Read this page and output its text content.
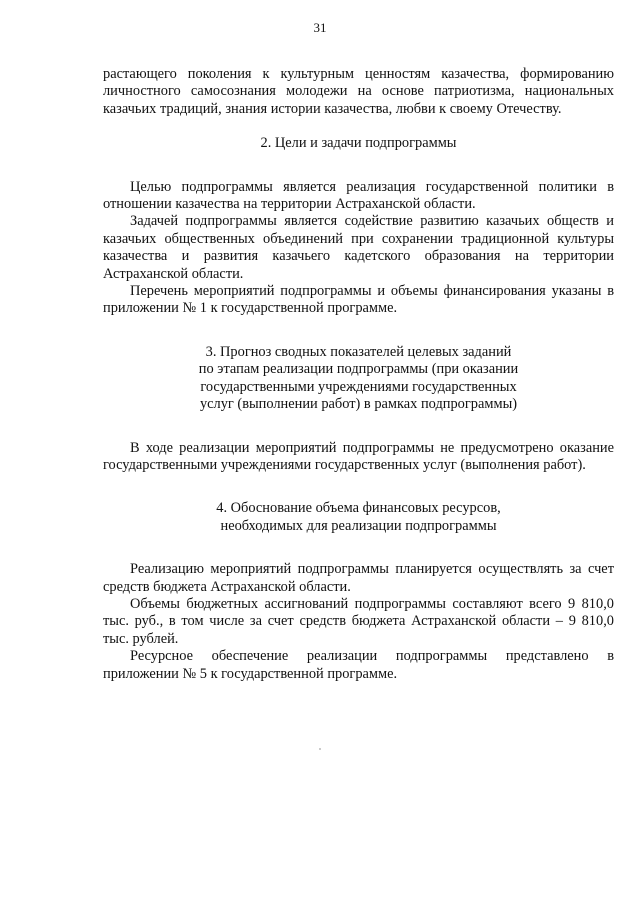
31

растающего поколения к культурным ценностям казачества, формированию личностного самосознания молодежи на основе патриотизма, национальных казачьих традиций, знания истории казачества, любви к своему Отечеству.

2. Цели и задачи подпрограммы

Целью подпрограммы является реализация государственной политики в отношении казачества на территории Астраханской области.

Задачей подпрограммы является содействие развитию казачьих обществ и казачьих общественных объединений при сохранении традиционной культуры казачества и развития казачьего кадетского образования на территории Астраханской области.

Перечень мероприятий подпрограммы и объемы финансирования указаны в приложении № 1 к государственной программе.

3. Прогноз сводных показателей целевых заданий

по этапам реализации подпрограммы (при оказании

государственными учреждениями государственных

услуг (выполнении работ) в рамках подпрограммы)

В ходе реализации мероприятий подпрограммы не предусмотрено оказание государственными учреждениями государственных услуг (выполнения работ).

4. Обоснование объема финансовых ресурсов,

необходимых для реализации подпрограммы

Реализацию мероприятий подпрограммы планируется осуществлять за счет средств бюджета Астраханской области.

Объемы бюджетных ассигнований подпрограммы составляют всего 9 810,0 тыс. руб., в том числе за счет средств бюджета Астраханской области – 9 810,0 тыс. рублей.

Ресурсное обеспечение реализации подпрограммы представлено в приложении № 5 к государственной программе.
